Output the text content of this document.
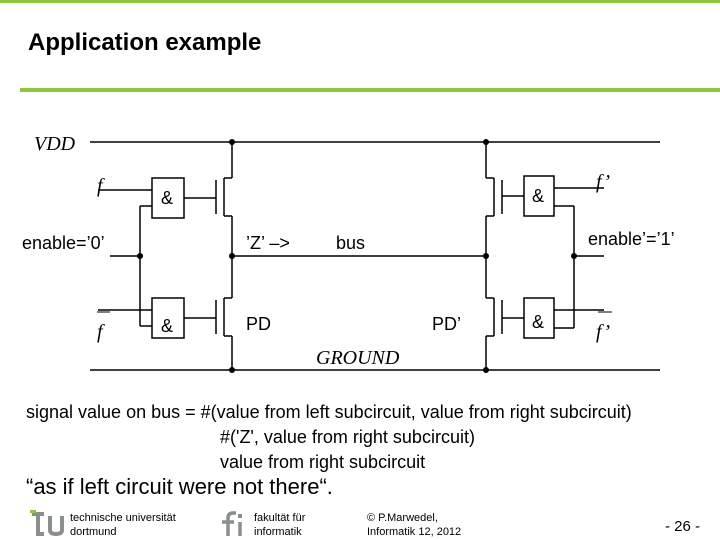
Application example
VDD
GROUND
f
f
f’
f’
&
&
&
&
enable=’0’	enable’=’1’
’Z’ –>	bus
PD	PD’
signal value on bus = #(value from left subcircuit, value from right subcircuit)
#('Z', value from right subcircuit)
value from right subcircuit
“as if left circuit were not there“.
technische universität
dortmund
fakultät für
informatik
© P.Marwedel,
Informatik 12, 2012	- 26 -
